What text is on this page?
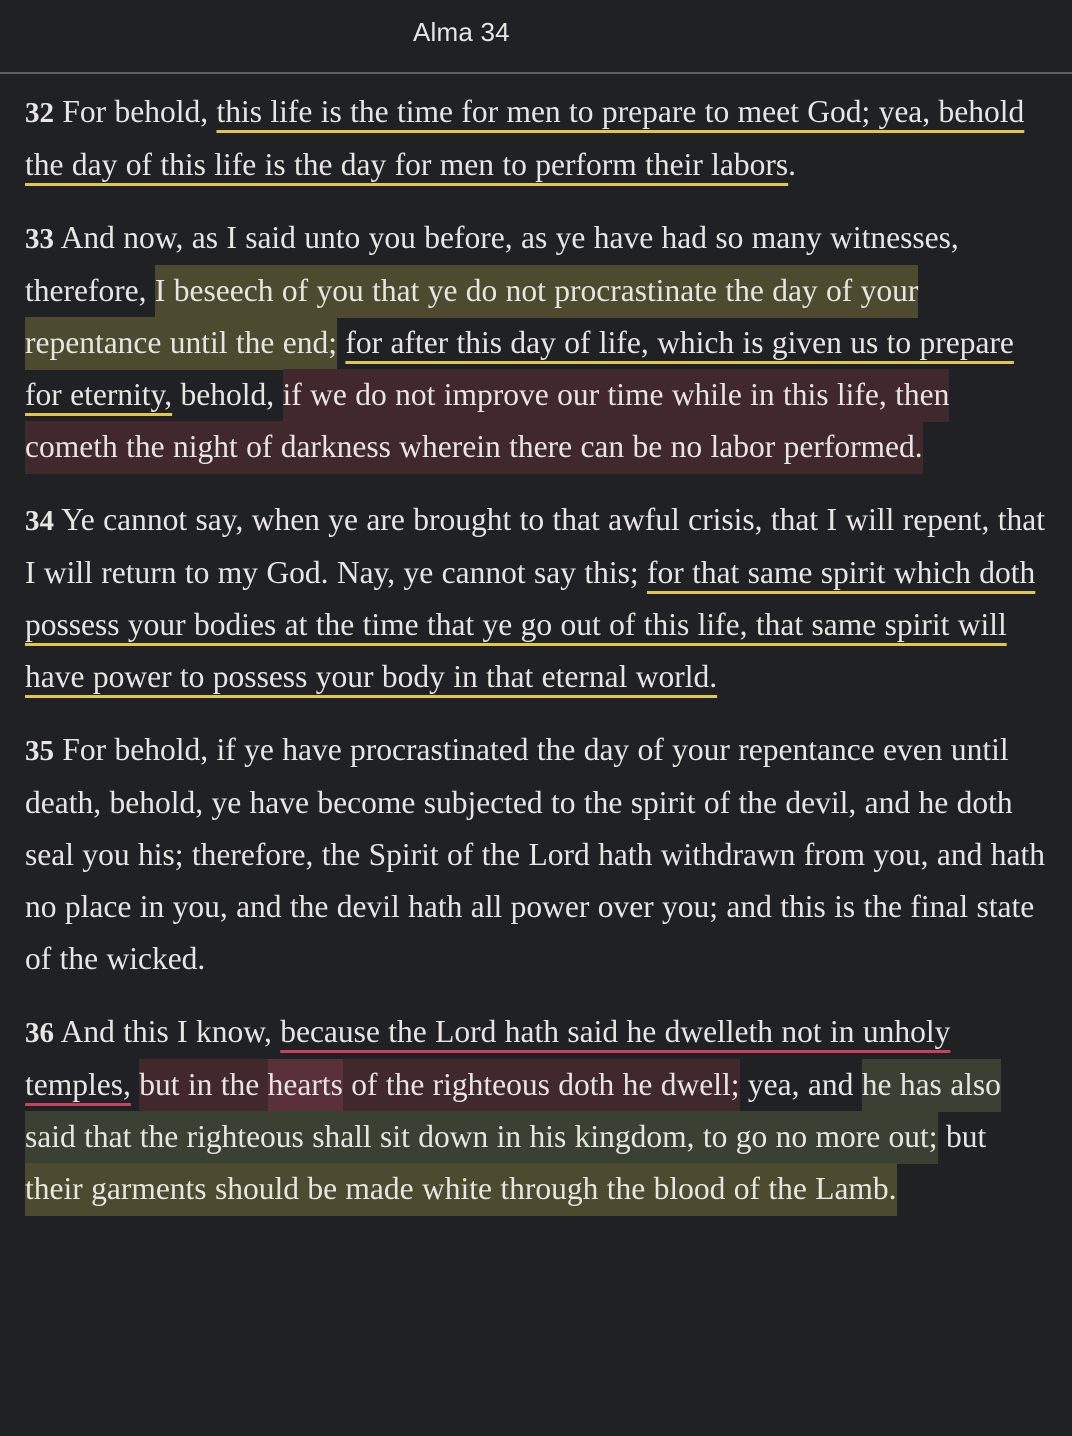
Alma 34

32 For behold, this life is the time for men to prepare to meet God; yea, behold the day of this life is the day for men to perform their labors.

33 And now, as I said unto you before, as ye have had so many witnesses, therefore, I beseech of you that ye do not procrastinate the day of your repentance until the end; for after this day of life, which is given us to prepare for eternity, behold, if we do not improve our time while in this life, then cometh the night of darkness wherein there can be no labor performed.

34 Ye cannot say, when ye are brought to that awful crisis, that I will repent, that I will return to my God. Nay, ye cannot say this; for that same spirit which doth possess your bodies at the time that ye go out of this life, that same spirit will have power to possess your body in that eternal world.

35 For behold, if ye have procrastinated the day of your repentance even until death, behold, ye have become subjected to the spirit of the devil, and he doth seal you his; therefore, the Spirit of the Lord hath withdrawn from you, and hath no place in you, and the devil hath all power over you; and this is the final state of the wicked.

36 And this I know, because the Lord hath said he dwelleth not in unholy temples, but in the hearts of the righteous doth he dwell; yea, and he has also said that the righteous shall sit down in his kingdom, to go no more out; but their garments should be made white through the blood of the Lamb.
